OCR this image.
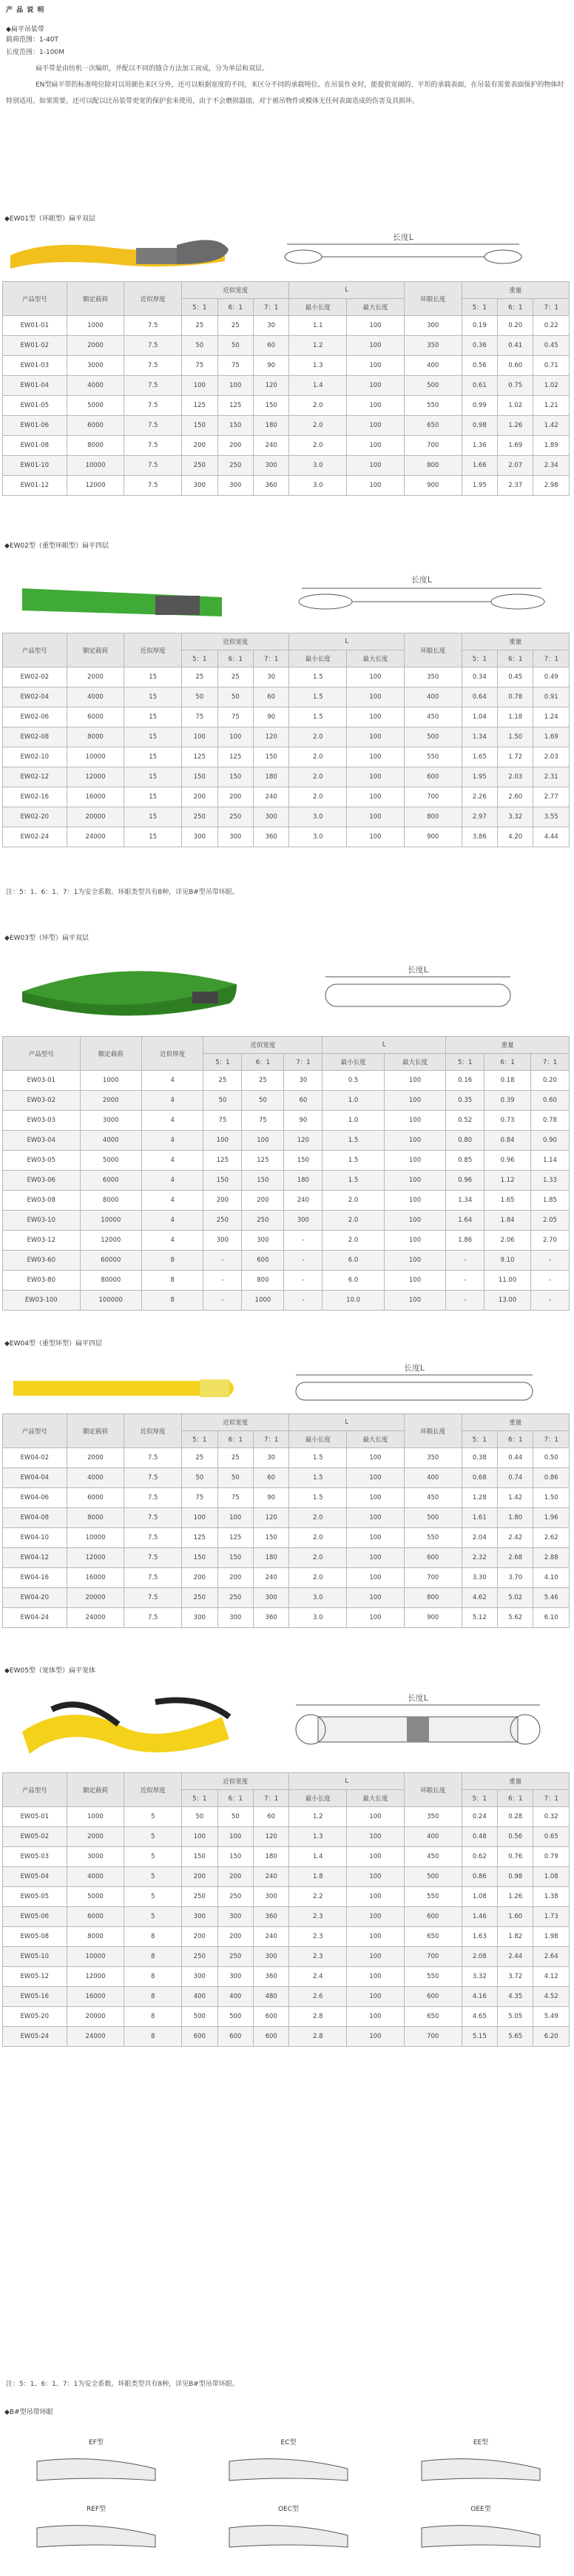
产 品 说 明
◆扁平吊装带
载荷范围：1-40T

长度范围：1-100M

扁平带是由纺机一次编织，并配以不同的缝合方法加工而成，分为单层和双层。

EN型扁平带的标准吨位除对以用颜色来区分外，还可以根据宽度的不同，来区分不同的承载吨位。在吊装作业时，能提供宽阔的、平坦的承载表面，在吊装有需要表面保护的物体时特别适用。如果需要，还可以配以比吊装带更宽的保护套来使用，由于不会磨损器皿，对于被吊物件或模体无任何表面造成的伤害及其损坏。

◆EW01型（环眼型）扁平双层
长度L
产品型号	额定载荷	近似厚度	近似宽度			L		环眼长度	重量		
			5：1	6：1	7：1	最小长度	最大长度		5：1	6：1	7：1
EW01-01	1000	7.5	25	25	30	1.1	100	300	0.19	0.20	0.22
EW01-02	2000	7.5	50	50	60	1.2	100	350	0.36	0.41	0.45
EW01-03	3000	7.5	75	75	90	1.3	100	400	0.56	0.60	0.71
EW01-04	4000	7.5	100	100	120	1.4	100	500	0.61	0.75	1.02
EW01-05	5000	7.5	125	125	150	2.0	100	550	0.99	1.02	1.21
EW01-06	6000	7.5	150	150	180	2.0	100	650	0.98	1.26	1.42
EW01-08	8000	7.5	200	200	240	2.0	100	700	1.36	1.69	1.89
EW01-10	10000	7.5	250	250	300	3.0	100	800	1.66	2.07	2.34
EW01-12	12000	7.5	300	300	360	3.0	100	900	1.95	2.37	2.98
◆EW02型（重型环眼型）扁平四层
长度L
产品型号	额定载荷	近似厚度	近似宽度			L		环眼长度	重量		
			5：1	6：1	7：1	最小长度	最大长度		5：1	6：1	7：1
EW02-02	2000	15	25	25	30	1.5	100	350	0.34	0.45	0.49
EW02-04	4000	15	50	50	60	1.5	100	400	0.64	0.78	0.91
EW02-06	6000	15	75	75	90	1.5	100	450	1.04	1.18	1.24
EW02-08	8000	15	100	100	120	2.0	100	500	1.34	1.50	1.69
EW02-10	10000	15	125	125	150	2.0	100	550	1.65	1.72	2.03
EW02-12	12000	15	150	150	180	2.0	100	600	1.95	2.03	2.31
EW02-16	16000	15	200	200	240	2.0	100	700	2.26	2.60	2.77
EW02-20	20000	15	250	250	300	3.0	100	800	2.97	3.32	3.55
EW02-24	24000	15	300	300	360	3.0	100	900	3.86	4.20	4.44
注：5：1、6：1、7：1为安全系数。环眼类型共有8种，详见B#型吊带环眼。
◆EW03型（环型）扁平双层
长度L
产品型号	额定载荷	近似厚度	近似宽度			L		重量		
			5：1	6：1	7：1	最小长度	最大长度	5：1	6：1	7：1
EW03-01	1000	4	25	25	30	0.5	100	0.16	0.18	0.20
EW03-02	2000	4	50	50	60	1.0	100	0.35	0.39	0.60
EW03-03	3000	4	75	75	90	1.0	100	0.52	0.73	0.78
EW03-04	4000	4	100	100	120	1.5	100	0.80	0.84	0.90
EW03-05	5000	4	125	125	150	1.5	100	0.85	0.96	1.14
EW03-06	6000	4	150	150	180	1.5	100	0.96	1.12	1.33
EW03-08	8000	4	200	200	240	2.0	100	1.34	1.65	1.85
EW03-10	10000	4	250	250	300	2.0	100	1.64	1.84	2.05
EW03-12	12000	4	300	300	-	2.0	100	1.86	2.06	2.70
EW03-60	60000	8	-	600	-	6.0	100	-	9.10	-
EW03-80	80000	8	-	800	-	6.0	100	-	11.00	-
EW03-100	100000	8	-	1000	-	10.0	100	-	13.00	-
◆EW04型（重型环型）扁平四层
长度L
产品型号	额定载荷	近似厚度	近似宽度			L		环眼长度	重量		
			5：1	6：1	7：1	最小长度	最大长度		5：1	6：1	7：1
EW04-02	2000	7.5	25	25	30	1.5	100	350	0.38	0.44	0.50
EW04-04	4000	7.5	50	50	60	1.5	100	400	0.68	0.74	0.86
EW04-06	6000	7.5	75	75	90	1.5	100	450	1.28	1.42	1.50
EW04-08	8000	7.5	100	100	120	2.0	100	500	1.61	1.80	1.96
EW04-10	10000	7.5	125	125	150	2.0	100	550	2.04	2.42	2.62
EW04-12	12000	7.5	150	150	180	2.0	100	600	2.32	2.68	2.88
EW04-16	16000	7.5	200	200	240	2.0	100	700	3.30	3.70	4.10
EW04-20	20000	7.5	250	250	300	3.0	100	800	4.62	5.02	5.46
EW04-24	24000	7.5	300	300	360	3.0	100	900	5.12	5.62	6.10
◆EW05型（宽体型）扁平宽体
长度L
产品型号	额定载荷	近似厚度	近似宽度			L		环眼长度	重量		
			5：1	6：1	7：1	最小长度	最大长度		5：1	6：1	7：1
EW05-01	1000	5	50	50	60	1.2	100	350	0.24	0.28	0.32
EW05-02	2000	5	100	100	120	1.3	100	400	0.48	0.56	0.65
EW05-03	3000	5	150	150	180	1.4	100	450	0.62	0.76	0.79
EW05-04	4000	5	200	200	240	1.8	100	500	0.86	0.98	1.08
EW05-05	5000	5	250	250	300	2.2	100	550	1.08	1.26	1.38
EW05-06	6000	5	300	300	360	2.3	100	600	1.46	1.60	1.73
EW05-08	8000	8	200	200	240	2.3	100	650	1.63	1.82	1.98
EW05-10	10000	8	250	250	300	2.3	100	700	2.08	2.44	2.64
EW05-12	12000	8	300	300	360	2.4	100	550	3.32	3.72	4.12
EW05-16	16000	8	400	400	480	2.6	100	600	4.16	4.35	4.52
EW05-20	20000	8	500	500	600	2.8	100	650	4.65	5.05	5.49
EW05-24	24000	8	600	600	600	2.8	100	700	5.15	5.65	6.20
注：5：1、6：1、7：1为安全系数。环眼类型共有8种，详见B#型吊带环眼。
◆B#型吊带环眼
EF型	EC型	EE型
REF型	OEC型	OEE型
